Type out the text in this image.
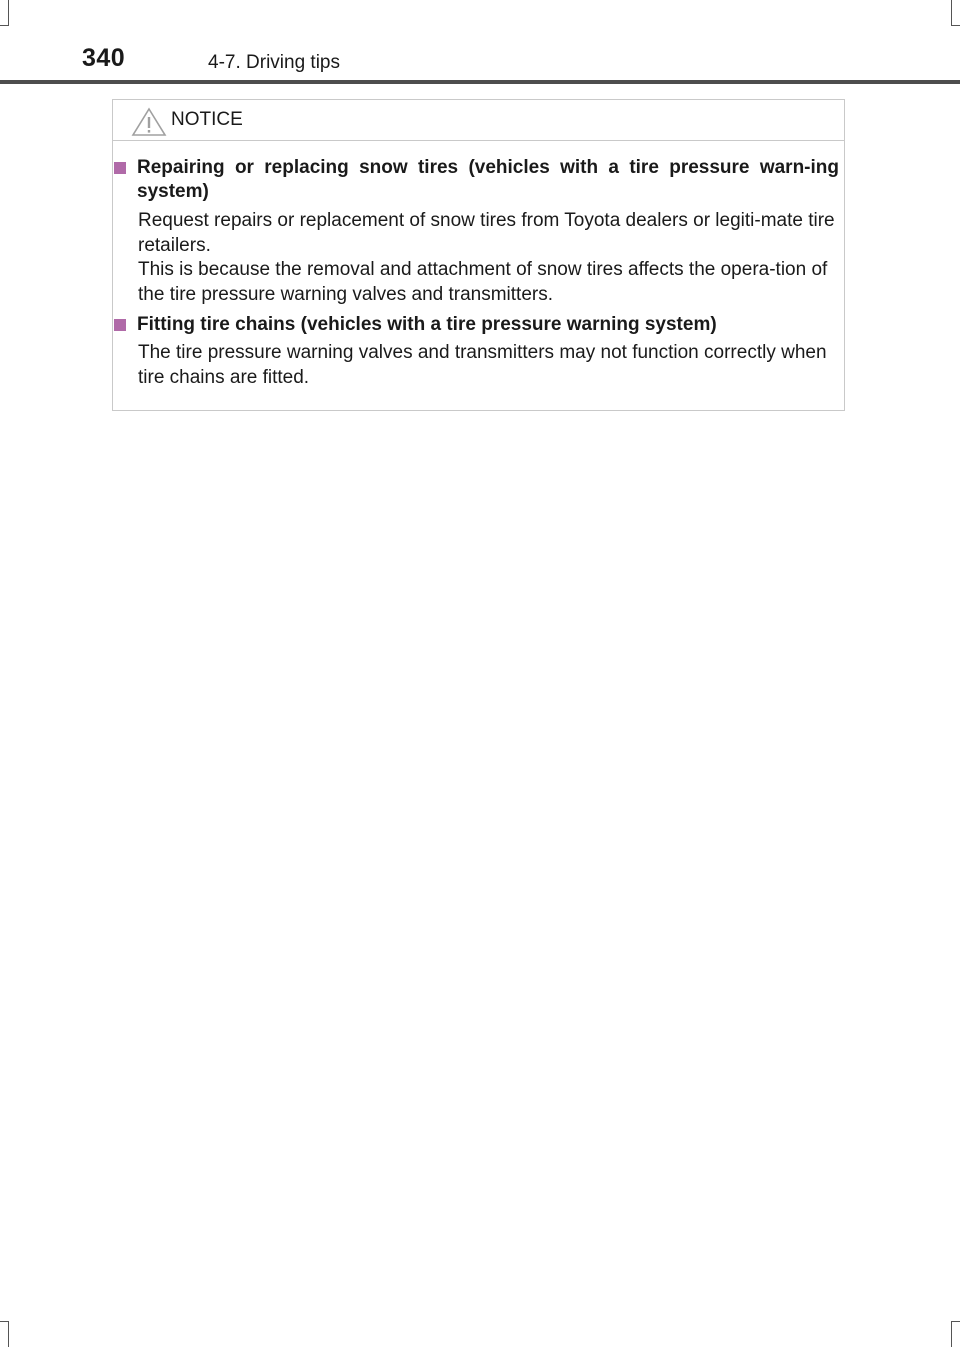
340	4-7. Driving tips
NOTICE
Repairing or replacing snow tires (vehicles with a tire pressure warn-ing system)

Request repairs or replacement of snow tires from Toyota dealers or legiti-mate tire retailers.

This is because the removal and attachment of snow tires affects the opera-tion of the tire pressure warning valves and transmitters.

Fitting tire chains (vehicles with a tire pressure warning system)

The tire pressure warning valves and transmitters may not function correctly when tire chains are fitted.
